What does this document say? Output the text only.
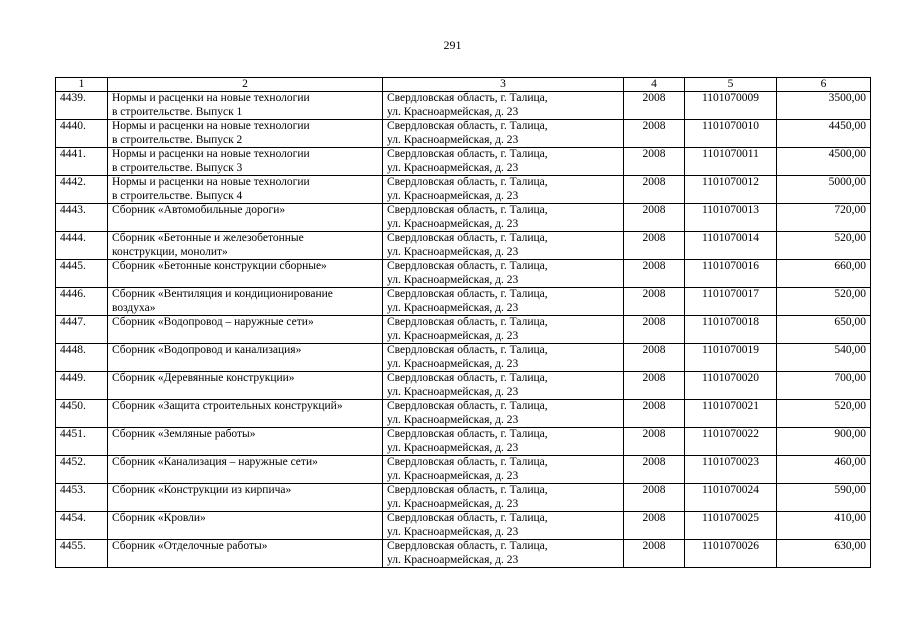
291
1	2	3	4	5	6

4439.	Нормы и расценки на новые технологии
в строительстве. Выпуск 1	Свердловская область, г. Талица,
ул. Красноармейская, д. 23	2008	1101070009	3500,00

4440.	Нормы и расценки на новые технологии
в строительстве. Выпуск 2	Свердловская область, г. Талица,
ул. Красноармейская, д. 23	2008	1101070010	4450,00

4441.	Нормы и расценки на новые технологии
в строительстве. Выпуск 3	Свердловская область, г. Талица,
ул. Красноармейская, д. 23	2008	1101070011	4500,00

4442.	Нормы и расценки на новые технологии
в строительстве. Выпуск 4	Свердловская область, г. Талица,
ул. Красноармейская, д. 23	2008	1101070012	5000,00

4443.	Сборник «Автомобильные дороги»	Свердловская область, г. Талица,
ул. Красноармейская, д. 23	2008	1101070013	720,00

4444.	Сборник «Бетонные и железобетонные
конструкции, монолит»	Свердловская область, г. Талица,
ул. Красноармейская, д. 23	2008	1101070014	520,00

4445.	Сборник «Бетонные конструкции сборные»	Свердловская область, г. Талица,
ул. Красноармейская, д. 23	2008	1101070016	660,00

4446.	Сборник «Вентиляция и кондиционирование
воздуха»	Свердловская область, г. Талица,
ул. Красноармейская, д. 23	2008	1101070017	520,00

4447.	Сборник «Водопровод – наружные сети»	Свердловская область, г. Талица,
ул. Красноармейская, д. 23	2008	1101070018	650,00

4448.	Сборник «Водопровод и канализация»	Свердловская область, г. Талица,
ул. Красноармейская, д. 23	2008	1101070019	540,00

4449.	Сборник «Деревянные конструкции»	Свердловская область, г. Талица,
ул. Красноармейская, д. 23	2008	1101070020	700,00

4450.	Сборник «Защита строительных конструкций»	Свердловская область, г. Талица,
ул. Красноармейская, д. 23	2008	1101070021	520,00

4451.	Сборник «Земляные работы»	Свердловская область, г. Талица,
ул. Красноармейская, д. 23	2008	1101070022	900,00

4452.	Сборник «Канализация – наружные сети»	Свердловская область, г. Талица,
ул. Красноармейская, д. 23	2008	1101070023	460,00

4453.	Сборник «Конструкции из кирпича»	Свердловская область, г. Талица,
ул. Красноармейская, д. 23	2008	1101070024	590,00

4454.	Сборник «Кровли»	Свердловская область, г. Талица,
ул. Красноармейская, д. 23	2008	1101070025	410,00

4455.	Сборник «Отделочные работы»	Свердловская область, г. Талица,
ул. Красноармейская, д. 23	2008	1101070026	630,00
